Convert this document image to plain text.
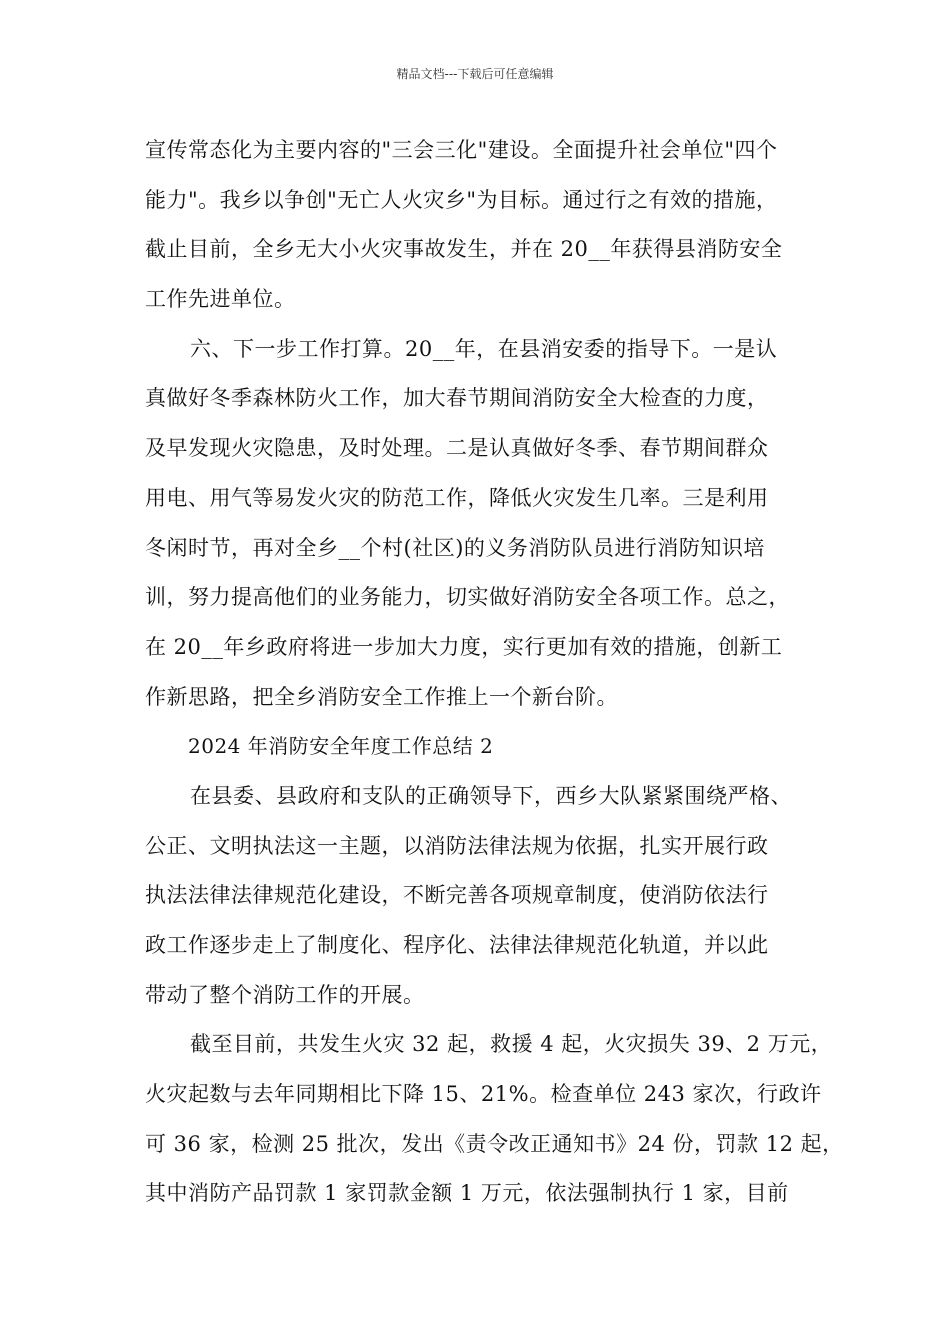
精品文档---下载后可任意编辑
宣传常态化为主要内容的"三会三化"建设。全面提升社会单位"四个
能力"。我乡以争创"无亡人火灾乡"为目标。通过行之有效的措施，
截止目前，全乡无大小火灾事故发生，并在 20__年获得县消防安全
工作先进单位。
六、下一步工作打算。20__年，在县消安委的指导下。一是认
真做好冬季森林防火工作，加大春节期间消防安全大检查的力度，
及早发现火灾隐患，及时处理。二是认真做好冬季、春节期间群众
用电、用气等易发火灾的防范工作，降低火灾发生几率。三是利用
冬闲时节，再对全乡__个村(社区)的义务消防队员进行消防知识培
训，努力提高他们的业务能力，切实做好消防安全各项工作。总之，
在 20__年乡政府将进一步加大力度，实行更加有效的措施，创新工
作新思路，把全乡消防安全工作推上一个新台阶。
2024 年消防安全年度工作总结 2
在县委、县政府和支队的正确领导下，西乡大队紧紧围绕严格、
公正、文明执法这一主题，以消防法律法规为依据，扎实开展行政
执法法律法律规范化建设，不断完善各项规章制度，使消防依法行
政工作逐步走上了制度化、程序化、法律法律规范化轨道，并以此
带动了整个消防工作的开展。
截至目前，共发生火灾 32 起，救援 4 起，火灾损失 39、2 万元，
火灾起数与去年同期相比下降 15、21%。检查单位 243 家次，行政许
可 36 家，检测 25 批次，发出《责令改正通知书》24 份，罚款 12 起，
其中消防产品罚款 1 家罚款金额 1 万元，依法强制执行 1 家，目前
